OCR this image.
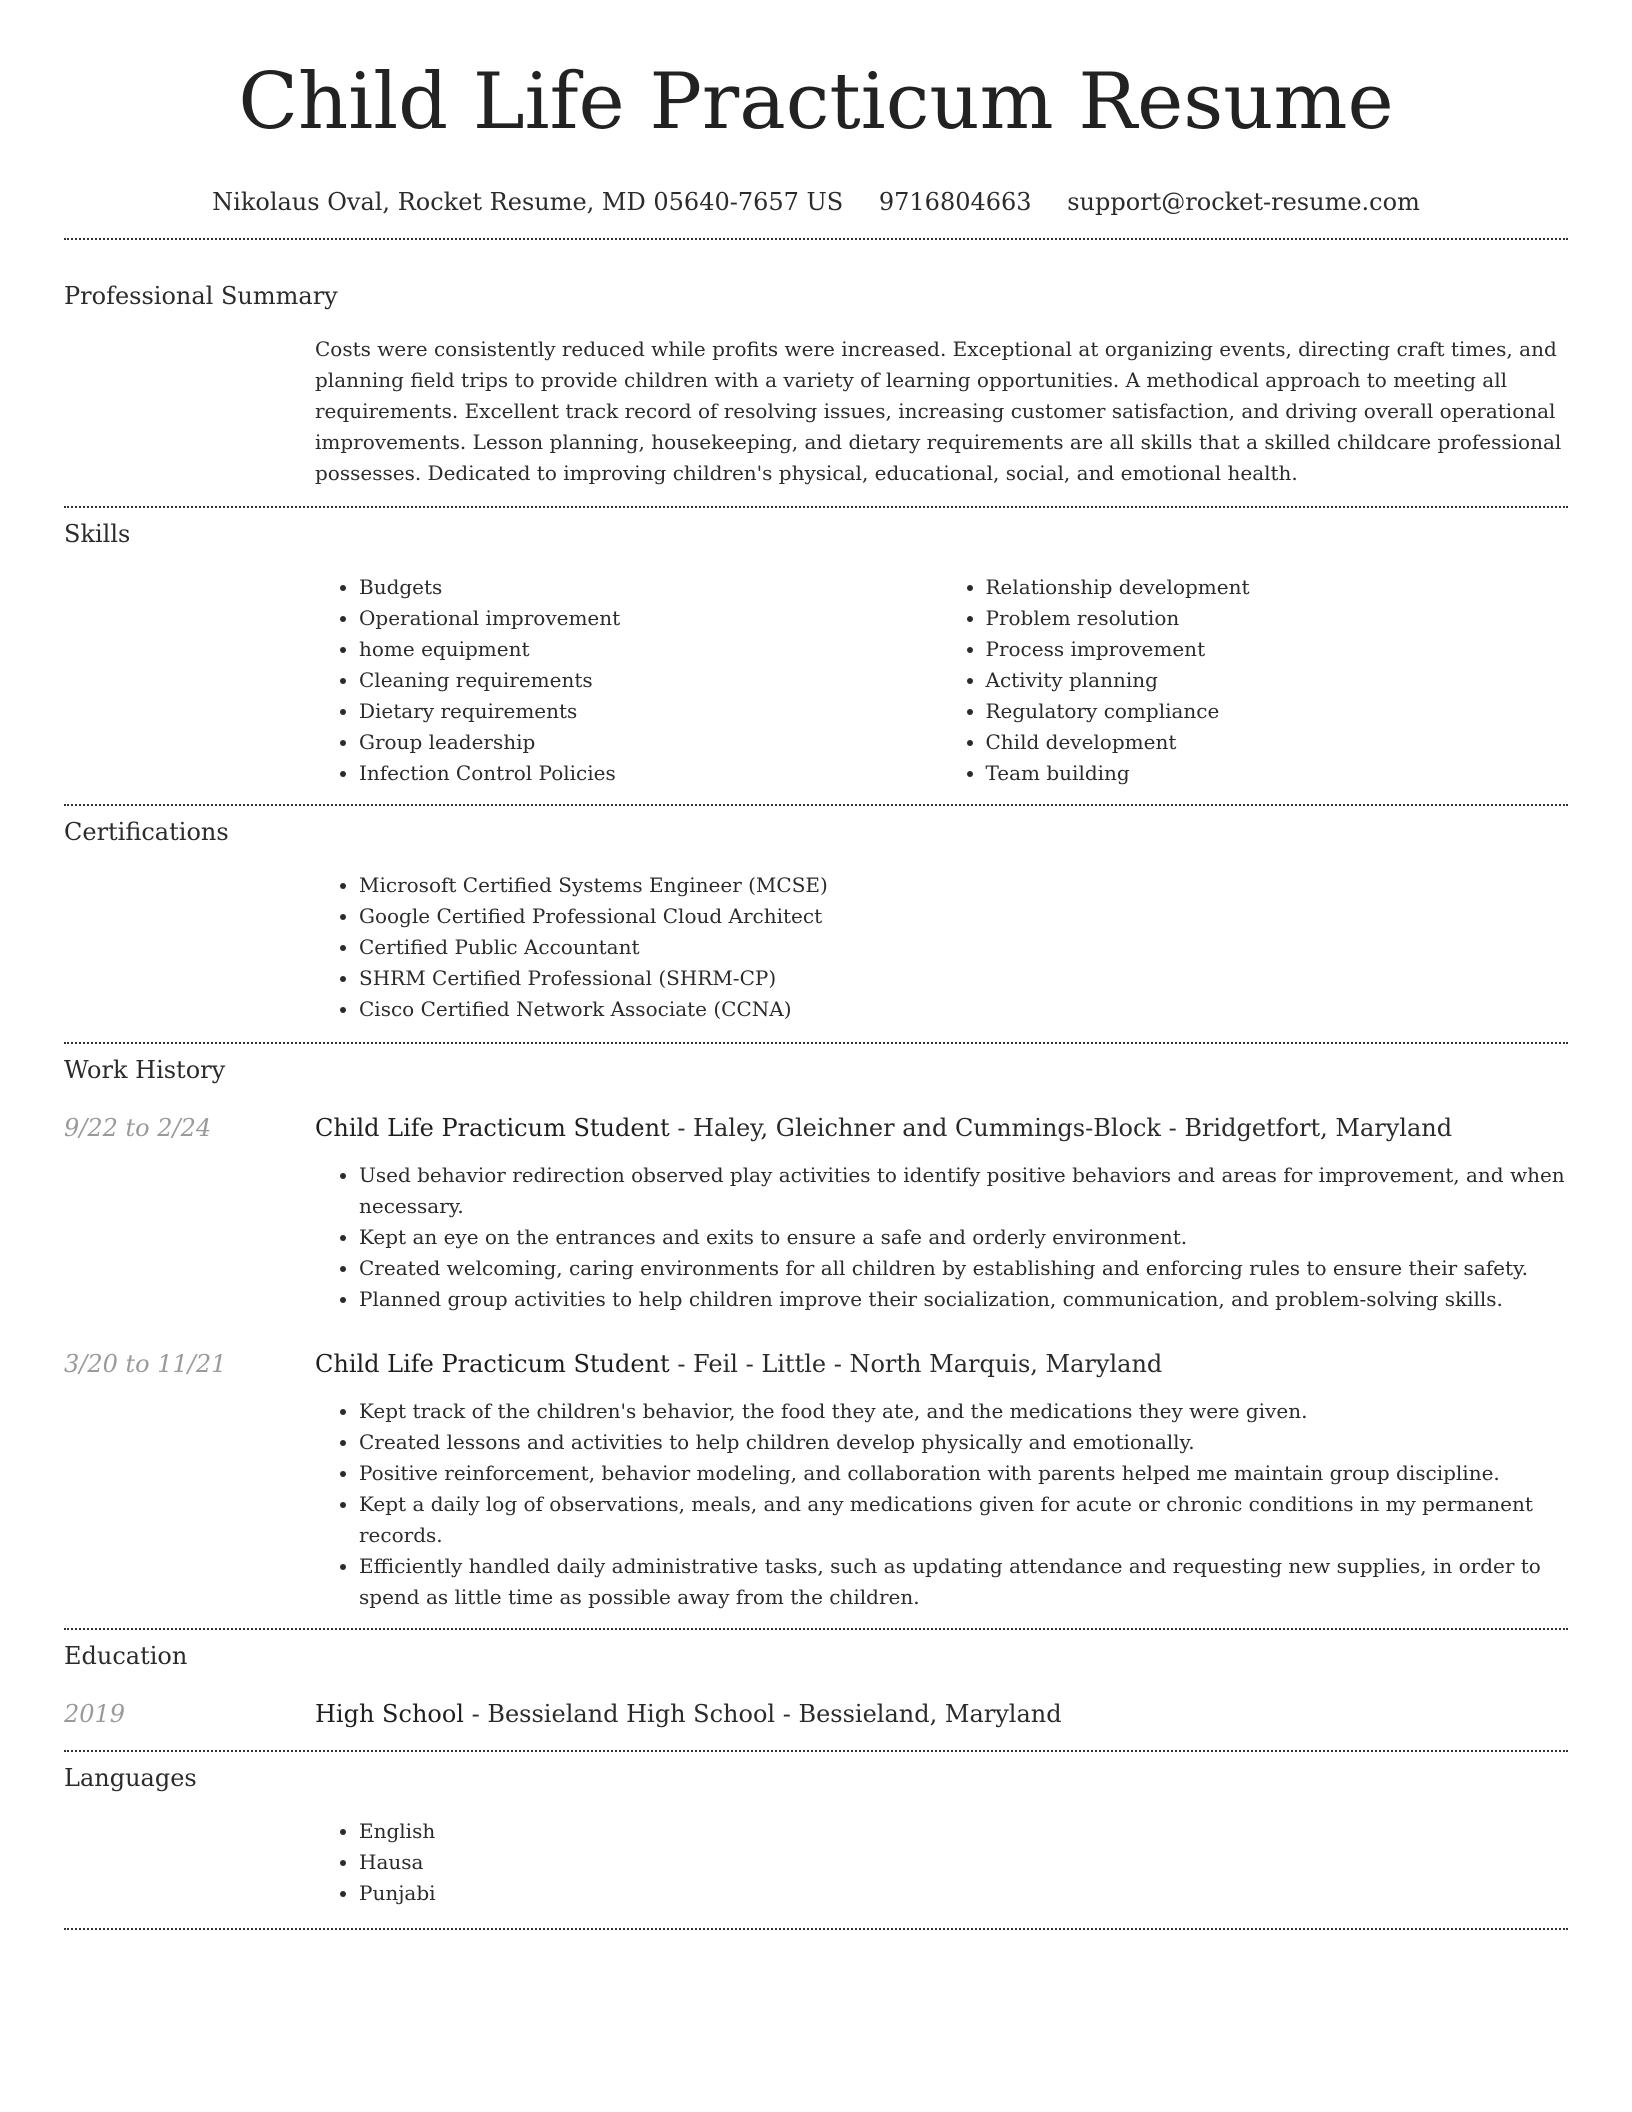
Child Life Practicum Resume
Nikolaus Oval, Rocket Resume, MD 05640-7657 US 9716804663 support@rocket-resume.com
Professional Summary

Costs were consistently reduced while profits were increased. Exceptional at organizing events, directing craft times, and planning field trips to provide children with a variety of learning opportunities. A methodical approach to meeting all requirements. Excellent track record of resolving issues, increasing customer satisfaction, and driving overall operational improvements. Lesson planning, housekeeping, and dietary requirements are all skills that a skilled childcare professional possesses. Dedicated to improving children's physical, educational, social, and emotional health.

Skills
• Budgets
• Operational improvement
• home equipment
• Cleaning requirements
• Dietary requirements
• Group leadership
• Infection Control Policies
• Relationship development
• Problem resolution
• Process improvement
• Activity planning
• Regulatory compliance
• Child development
• Team building
Certifications
• Microsoft Certified Systems Engineer (MCSE)
• Google Certified Professional Cloud Architect
• Certified Public Accountant
• SHRM Certified Professional (SHRM-CP)
• Cisco Certified Network Associate (CCNA)
Work History
9/22 to 2/24	Child Life Practicum Student - Haley, Gleichner and Cummings-Block - Bridgetfort, Maryland

• Used behavior redirection observed play activities to identify positive behaviors and areas for improvement, and when necessary.
• Kept an eye on the entrances and exits to ensure a safe and orderly environment.
• Created welcoming, caring environments for all children by establishing and enforcing rules to ensure their safety.
• Planned group activities to help children improve their socialization, communication, and problem-solving skills.
3/20 to 11/21	Child Life Practicum Student - Feil - Little - North Marquis, Maryland

• Kept track of the children's behavior, the food they ate, and the medications they were given.
• Created lessons and activities to help children develop physically and emotionally.
• Positive reinforcement, behavior modeling, and collaboration with parents helped me maintain group discipline.
• Kept a daily log of observations, meals, and any medications given for acute or chronic conditions in my permanent records.
• Efficiently handled daily administrative tasks, such as updating attendance and requesting new supplies, in order to spend as little time as possible away from the children.
Education
2019	High School - Bessieland High School - Bessieland, Maryland

Languages
• English
• Hausa
• Punjabi
